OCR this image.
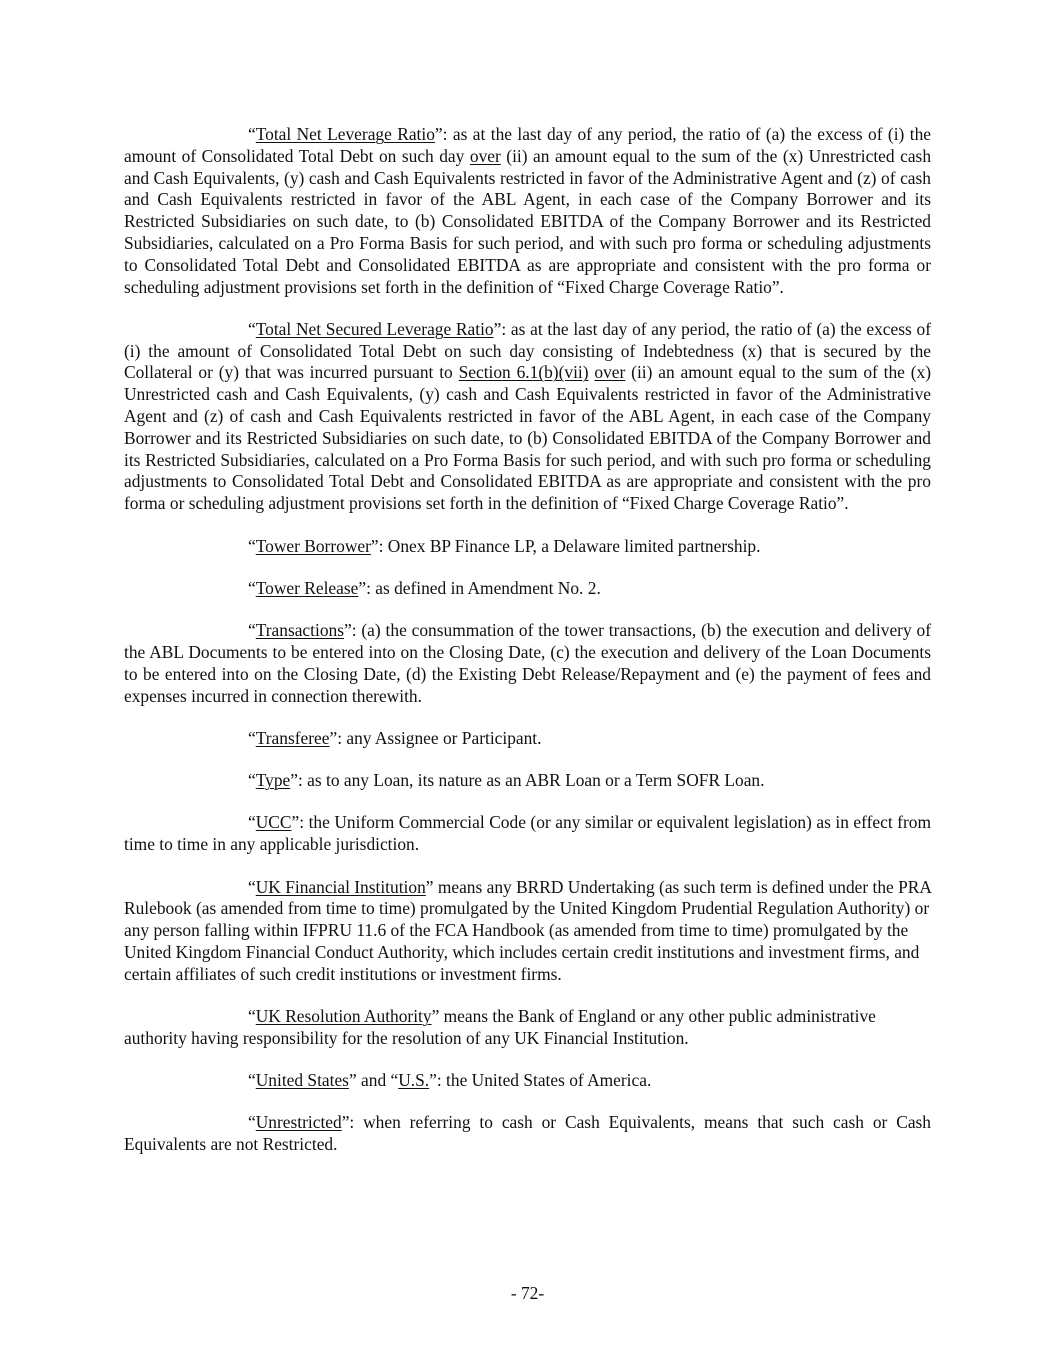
“Total Net Leverage Ratio”: as at the last day of any period, the ratio of (a) the excess of (i) the amount of Consolidated Total Debt on such day over (ii) an amount equal to the sum of the (x) Unrestricted cash and Cash Equivalents, (y) cash and Cash Equivalents restricted in favor of the Administrative Agent and (z) of cash and Cash Equivalents restricted in favor of the ABL Agent, in each case of the Company Borrower and its Restricted Subsidiaries on such date, to (b) Consolidated EBITDA of the Company Borrower and its Restricted Subsidiaries, calculated on a Pro Forma Basis for such period, and with such pro forma or scheduling adjustments to Consolidated Total Debt and Consolidated EBITDA as are appropriate and consistent with the pro forma or scheduling adjustment provisions set forth in the definition of “Fixed Charge Coverage Ratio”.

“Total Net Secured Leverage Ratio”: as at the last day of any period, the ratio of (a) the excess of (i) the amount of Consolidated Total Debt on such day consisting of Indebtedness (x) that is secured by the Collateral or (y) that was incurred pursuant to Section 6.1(b)(vii) over (ii) an amount equal to the sum of the (x) Unrestricted cash and Cash Equivalents, (y) cash and Cash Equivalents restricted in favor of the Administrative Agent and (z) of cash and Cash Equivalents restricted in favor of the ABL Agent, in each case of the Company Borrower and its Restricted Subsidiaries on such date, to (b) Consolidated EBITDA of the Company Borrower and its Restricted Subsidiaries, calculated on a Pro Forma Basis for such period, and with such pro forma or scheduling adjustments to Consolidated Total Debt and Consolidated EBITDA as are appropriate and consistent with the pro forma or scheduling adjustment provisions set forth in the definition of “Fixed Charge Coverage Ratio”.

“Tower Borrower”: Onex BP Finance LP, a Delaware limited partnership.

“Tower Release”: as defined in Amendment No. 2.

“Transactions”: (a) the consummation of the tower transactions, (b) the execution and delivery of the ABL Documents to be entered into on the Closing Date, (c) the execution and delivery of the Loan Documents to be entered into on the Closing Date, (d) the Existing Debt Release/Repayment and (e) the payment of fees and expenses incurred in connection therewith.

“Transferee”: any Assignee or Participant.

“Type”: as to any Loan, its nature as an ABR Loan or a Term SOFR Loan.

“UCC”: the Uniform Commercial Code (or any similar or equivalent legislation) as in effect from time to time in any applicable jurisdiction.

“UK Financial Institution” means any BRRD Undertaking (as such term is defined under the PRA Rulebook (as amended from time to time) promulgated by the United Kingdom Prudential Regulation Authority) or any person falling within IFPRU 11.6 of the FCA Handbook (as amended from time to time) promulgated by the United Kingdom Financial Conduct Authority, which includes certain credit institutions and investment firms, and certain affiliates of such credit institutions or investment firms.

“UK Resolution Authority” means the Bank of England or any other public administrative authority having responsibility for the resolution of any UK Financial Institution.

“United States” and “U.S.”: the United States of America.

“Unrestricted”: when referring to cash or Cash Equivalents, means that such cash or Cash Equivalents are not Restricted.

- 72-
